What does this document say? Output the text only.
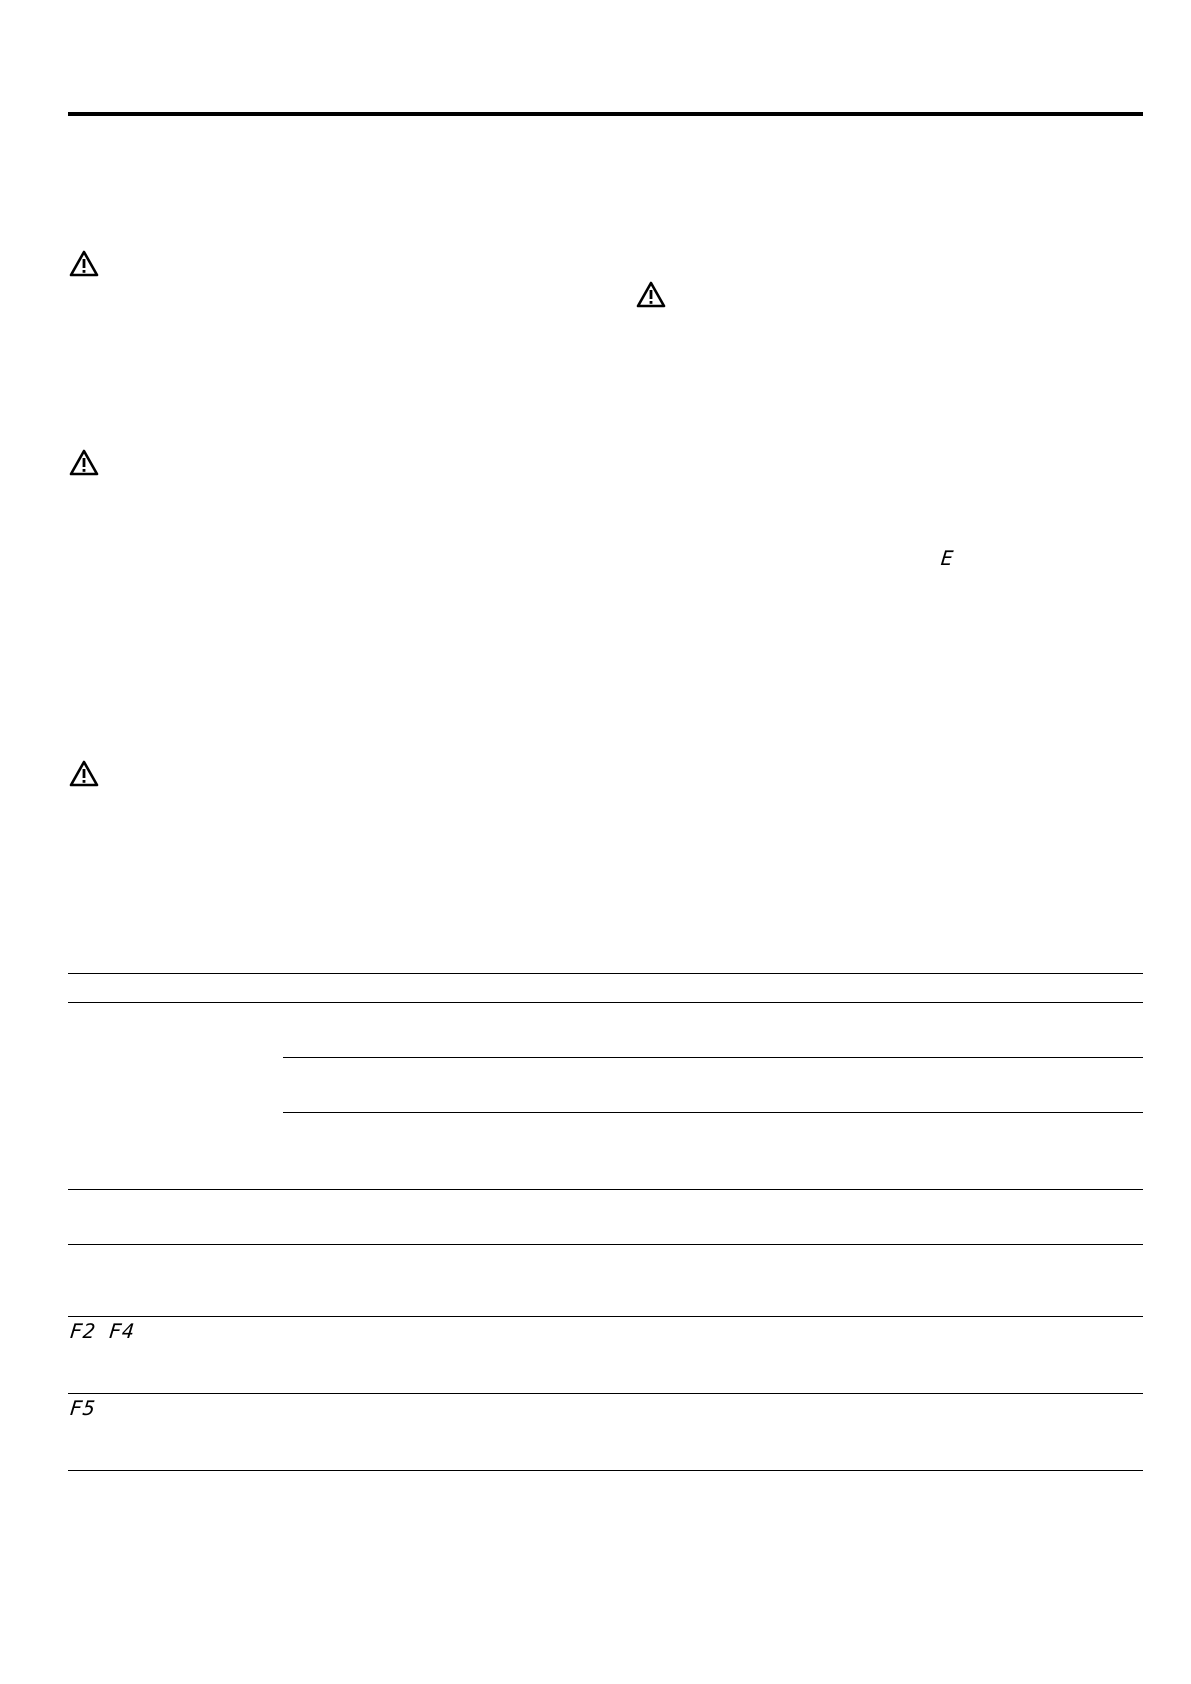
E
F2 F4
F5
